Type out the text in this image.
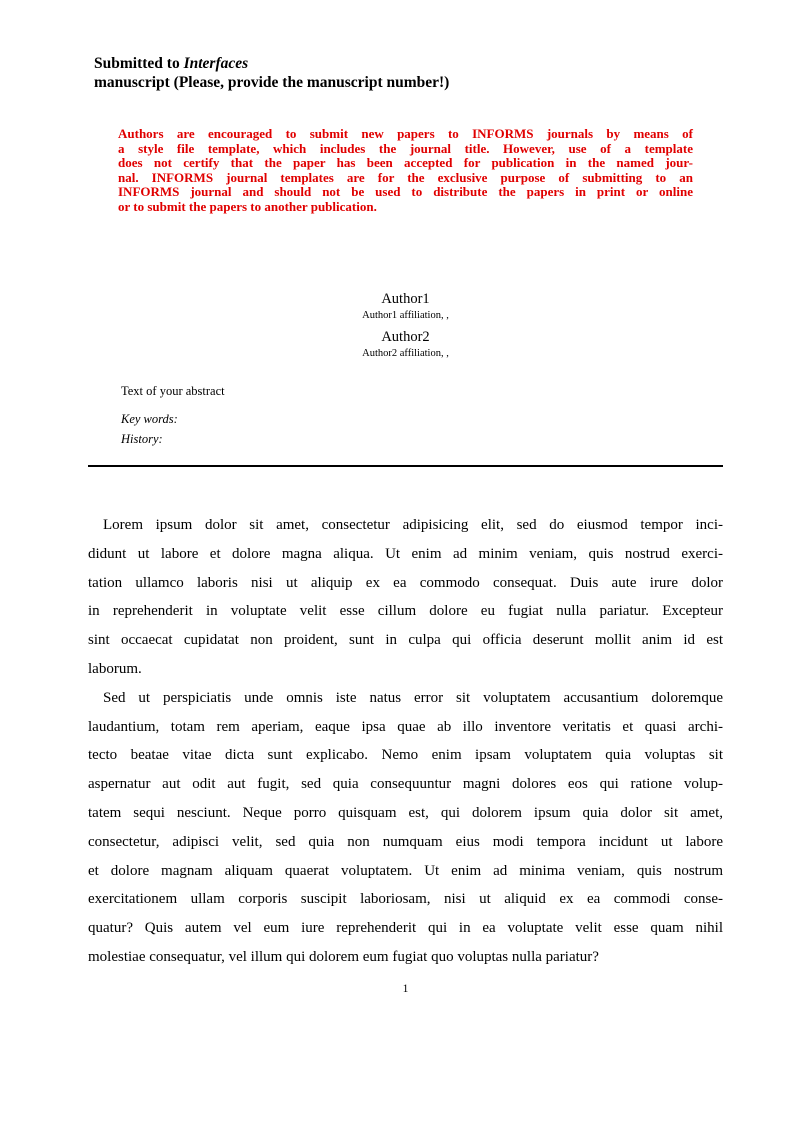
Submitted to Interfaces
manuscript (Please, provide the manuscript number!)
Authors are encouraged to submit new papers to INFORMS journals by means of
a style file template, which includes the journal title. However, use of a template
does not certify that the paper has been accepted for publication in the named jour-
nal. INFORMS journal templates are for the exclusive purpose of submitting to an
INFORMS journal and should not be used to distribute the papers in print or online
or to submit the papers to another publication.
Author1
Author1 affiliation, ,
Author2
Author2 affiliation, ,
Text of your abstract
Key words:
History:
Lorem ipsum dolor sit amet, consectetur adipisicing elit, sed do eiusmod tempor inci-
didunt ut labore et dolore magna aliqua. Ut enim ad minim veniam, quis nostrud exerci-
tation ullamco laboris nisi ut aliquip ex ea commodo consequat. Duis aute irure dolor
in reprehenderit in voluptate velit esse cillum dolore eu fugiat nulla pariatur. Excepteur
sint occaecat cupidatat non proident, sunt in culpa qui officia deserunt mollit anim id est
laborum.
Sed ut perspiciatis unde omnis iste natus error sit voluptatem accusantium doloremque
laudantium, totam rem aperiam, eaque ipsa quae ab illo inventore veritatis et quasi archi-
tecto beatae vitae dicta sunt explicabo. Nemo enim ipsam voluptatem quia voluptas sit
aspernatur aut odit aut fugit, sed quia consequuntur magni dolores eos qui ratione volup-
tatem sequi nesciunt. Neque porro quisquam est, qui dolorem ipsum quia dolor sit amet,
consectetur, adipisci velit, sed quia non numquam eius modi tempora incidunt ut labore
et dolore magnam aliquam quaerat voluptatem. Ut enim ad minima veniam, quis nostrum
exercitationem ullam corporis suscipit laboriosam, nisi ut aliquid ex ea commodi conse-
quatur? Quis autem vel eum iure reprehenderit qui in ea voluptate velit esse quam nihil
molestiae consequatur, vel illum qui dolorem eum fugiat quo voluptas nulla pariatur?
1
